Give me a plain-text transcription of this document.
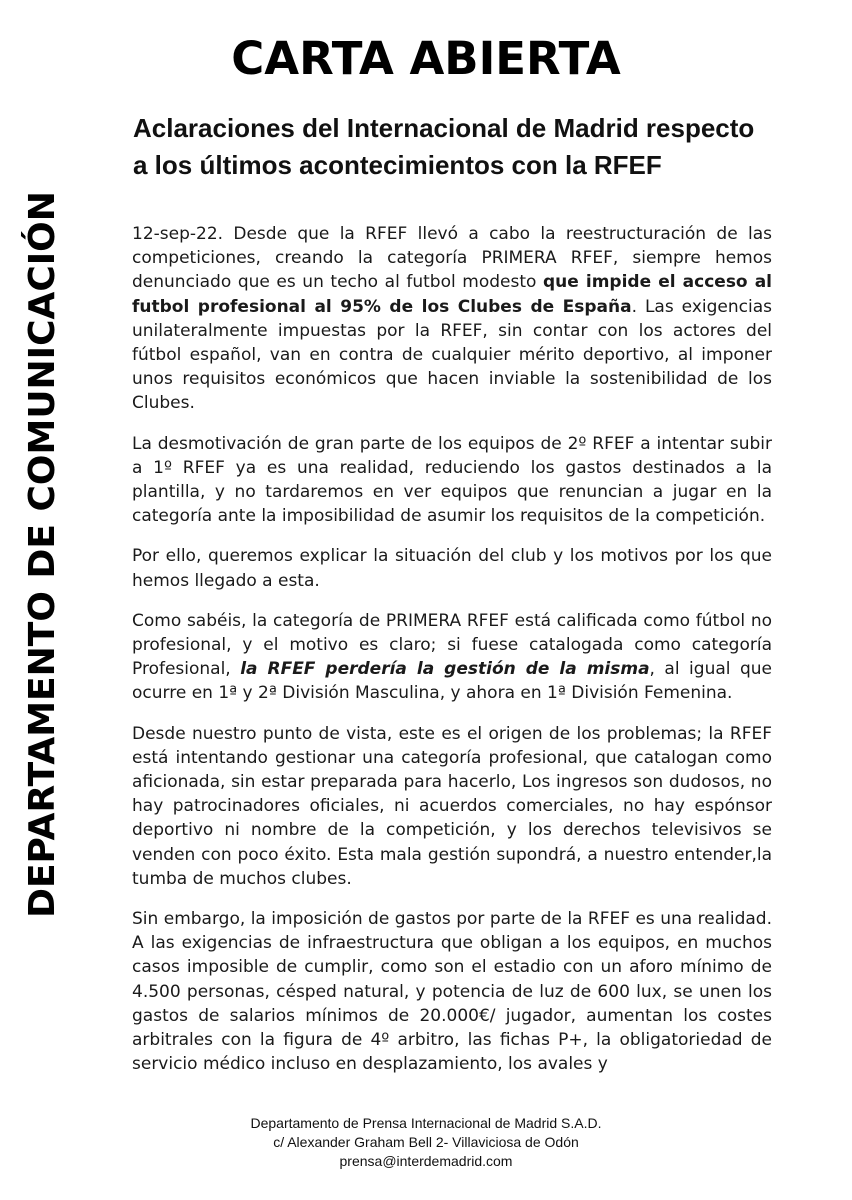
DEPARTAMENTO DE COMUNICACIÓN
CARTA ABIERTA
Aclaraciones del Internacional de Madrid respecto a los últimos acontecimientos con la RFEF

12-sep-22. Desde que la RFEF llevó a cabo la reestructuración de las competiciones, creando la categoría PRIMERA RFEF, siempre hemos denunciado que es un techo al futbol modesto que impide el acceso al futbol profesional al 95% de los Clubes de España. Las exigencias unilateralmente impuestas por la RFEF, sin contar con los actores del fútbol español, van en contra de cualquier mérito deportivo, al imponer unos requisitos económicos que hacen inviable la sostenibilidad de los Clubes.

La desmotivación de gran parte de los equipos de 2º RFEF a intentar subir a 1º RFEF ya es una realidad, reduciendo los gastos destinados a la plantilla, y no tardaremos en ver equipos que renuncian a jugar en la categoría ante la imposibilidad de asumir los requisitos de la competición.

Por ello, queremos explicar la situación del club y los motivos por los que hemos llegado a esta.

Como sabéis, la categoría de PRIMERA RFEF está calificada como fútbol no profesional, y el motivo es claro; si fuese catalogada como categoría Profesional, la RFEF perdería la gestión de la misma, al igual que ocurre en 1ª y 2ª División Masculina, y ahora en 1ª División Femenina.

Desde nuestro punto de vista, este es el origen de los problemas; la RFEF está intentando gestionar una categoría profesional, que catalogan como aficionada, sin estar preparada para hacerlo, Los ingresos son dudosos, no hay patrocinadores oficiales, ni acuerdos comerciales, no hay espónsor deportivo ni nombre de la competición, y los derechos televisivos se venden con poco éxito. Esta mala gestión supondrá, a nuestro entender,la tumba de muchos clubes.

Sin embargo, la imposición de gastos por parte de la RFEF es una realidad. A las exigencias de infraestructura que obligan a los equipos, en muchos casos imposible de cumplir, como son el estadio con un aforo mínimo de 4.500 personas, césped natural, y potencia de luz de 600 lux, se unen los gastos de salarios mínimos de 20.000€/ jugador, aumentan los costes arbitrales con la figura de 4º arbitro, las fichas P+, la obligatoriedad de servicio médico incluso en desplazamiento, los avales y

Departamento de Prensa Internacional de Madrid S.A.D.
c/ Alexander Graham Bell 2- Villaviciosa de Odón
prensa@interdemadrid.com
